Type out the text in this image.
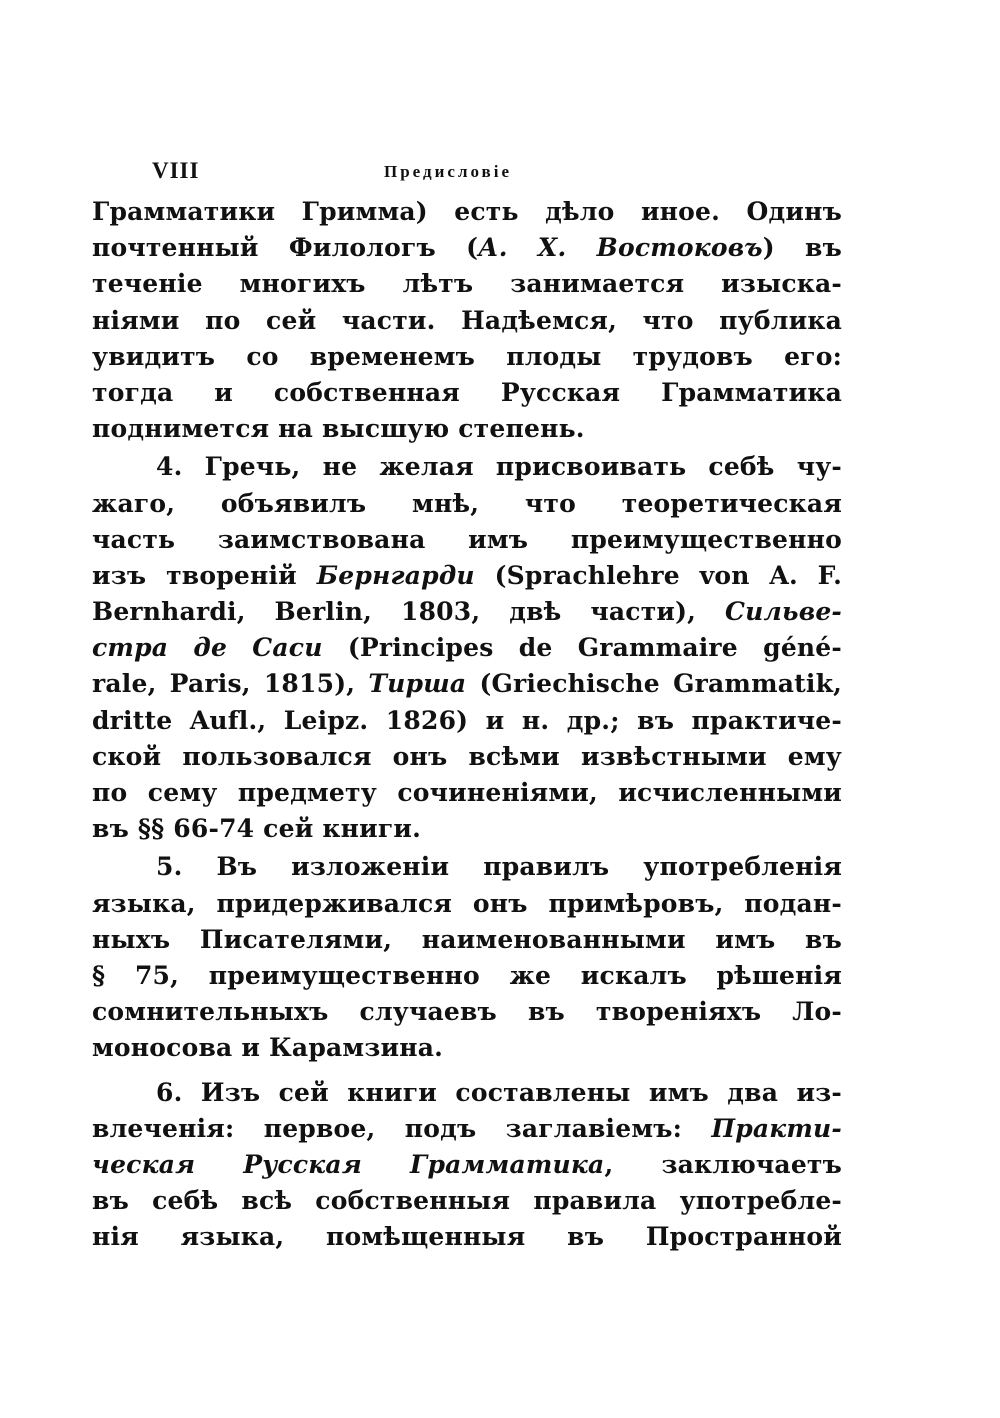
VIII	Предисловіе
Грамматики Гримма) есть дѣло иное. Одинъ
почтенный Филологъ (А. Х. Востоковъ) въ
теченіе многихъ лѣтъ занимается изыска-
ніями по сей части. Надѣемся, что публика
увидитъ со временемъ плоды трудовъ его:
тогда и собственная Русская Грамматика
поднимется на высшую степень.
4. Гречь, не желая присвоивать себѣ чу-
жаго, объявилъ мнѣ, что теоретическая
часть заимствована имъ преимущественно
изъ твореній Бернгарди (Sprachlehre von A. F.
Bernhardi, Berlin, 1803, двѣ части), Сильве-
стра де Саси (Principes de Grammaire géné-
rale, Paris, 1815), Тирша (Griechische Grammatik,
dritte Aufl., Leipz. 1826) и н. др.; въ практиче-
ской пользовался онъ всѣми извѣстными ему
по сему предмету сочиненіями, исчисленными
въ §§ 66-74 сей книги.
5. Въ изложеніи правилъ употребленія
языка, придерживался онъ примѣровъ, подан-
ныхъ Писателями, наименованными имъ въ
§ 75, преимущественно же искалъ рѣшенія
сомнительныхъ случаевъ въ твореніяхъ Ло-
моносова и Карамзина.
6. Изъ сей книги составлены имъ два из-
влеченія: первое, подъ заглавіемъ: Практи-
ческая Русская Грамматика, заключаетъ
въ себѣ всѣ собственныя правила употребле-
нія языка, помѣщенныя въ Пространной
